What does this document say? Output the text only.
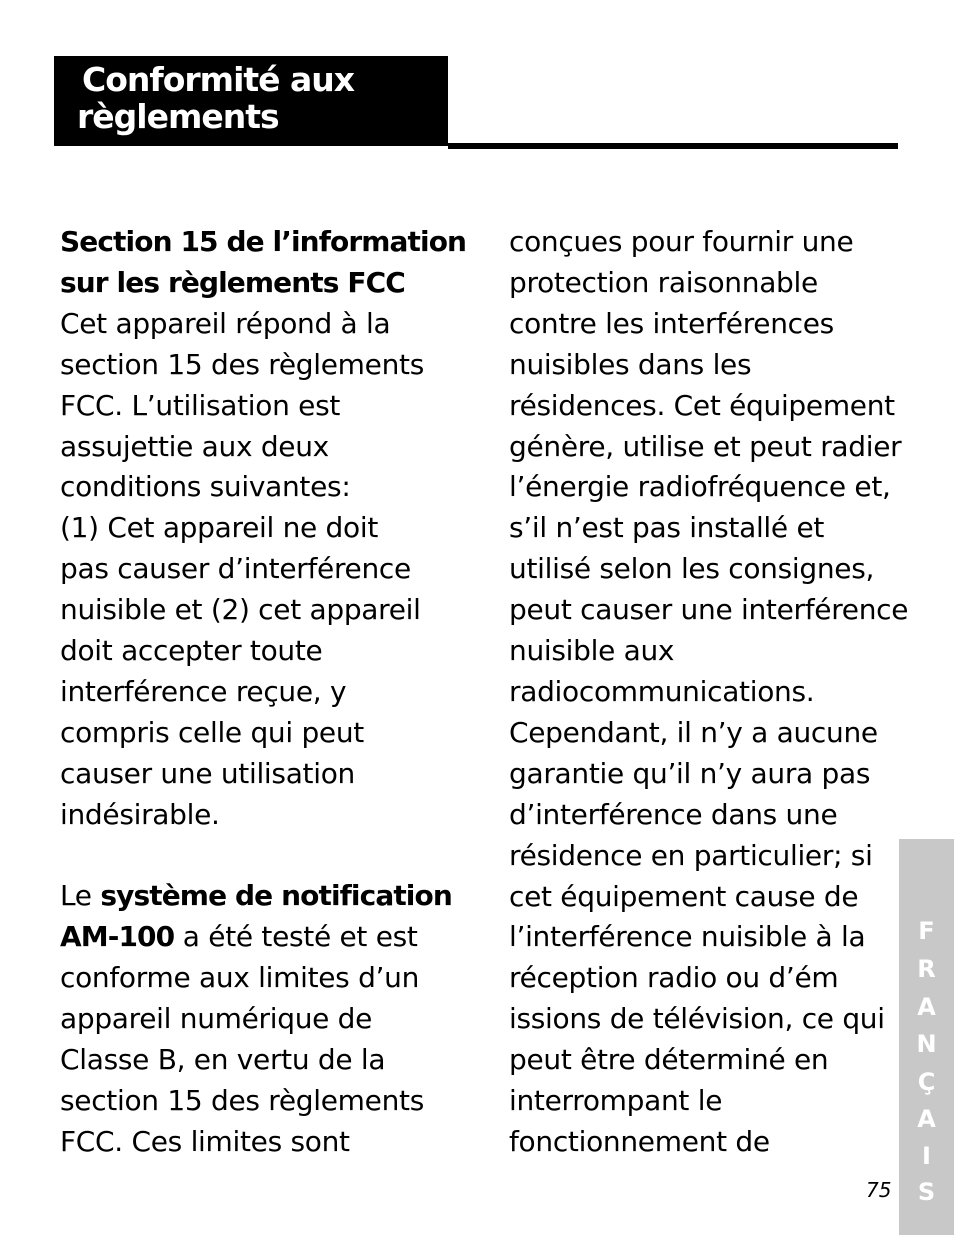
Conformité aux
règlements
Section 15 de l’information
sur les règlements FCC
Cet appareil répond à la
section 15 des règlements
FCC. L’utilisation est
assujettie aux deux
conditions suivantes:
(1) Cet appareil ne doit
pas causer d’interférence
nuisible et (2) cet appareil
doit accepter toute
interférence reçue, y
compris celle qui peut
causer une utilisation
indésirable.
Le système de notification
AM-100 a été testé et est
conforme aux limites d’un
appareil numérique de
Classe B, en vertu de la
section 15 des règlements
FCC. Ces limites sont
conçues pour fournir une
protection raisonnable
contre les interférences
nuisibles dans les
résidences. Cet équipement
génère, utilise et peut radier
l’énergie radiofréquence et,
s’il n’est pas installé et
utilisé selon les consignes,
peut causer une interférence
nuisible aux
radiocommunications.
Cependant, il n’y a aucune
garantie qu’il n’y aura pas
d’interférence dans une
résidence en particulier; si
cet équipement cause de
l’interférence nuisible à la
réception radio ou d’ém
issions de télévision, ce qui
peut être déterminé en
interrompant le
fonctionnement de
F
R
A
N
Ç
A
I
S
75
